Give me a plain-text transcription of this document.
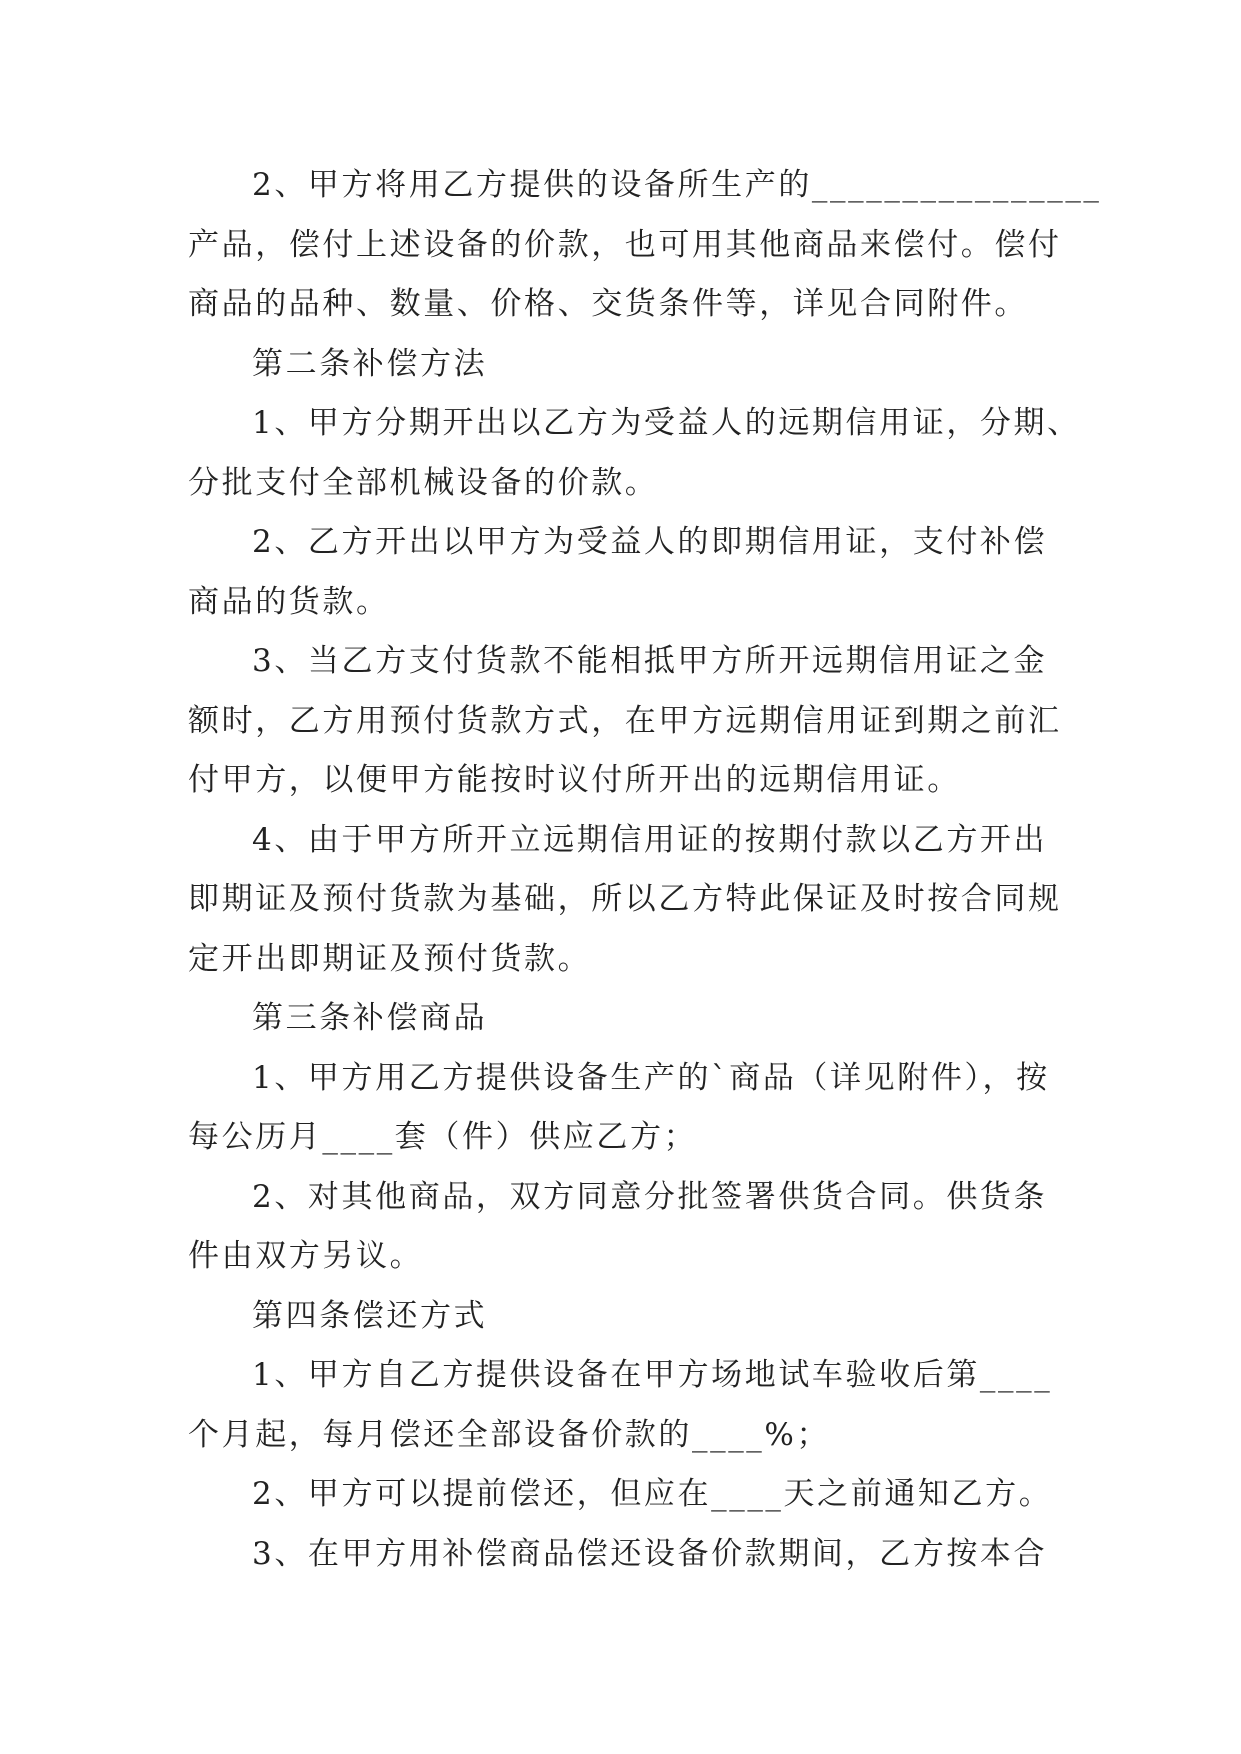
2、甲方将用乙方提供的设备所生产的________________
产品，偿付上述设备的价款，也可用其他商品来偿付。偿付
商品的品种、数量、价格、交货条件等，详见合同附件。
第二条补偿方法
1、甲方分期开出以乙方为受益人的远期信用证，分期、
分批支付全部机械设备的价款。
2、乙方开出以甲方为受益人的即期信用证，支付补偿
商品的货款。
3、当乙方支付货款不能相抵甲方所开远期信用证之金
额时，乙方用预付货款方式，在甲方远期信用证到期之前汇
付甲方，以便甲方能按时议付所开出的远期信用证。
4、由于甲方所开立远期信用证的按期付款以乙方开出
即期证及预付货款为基础，所以乙方特此保证及时按合同规
定开出即期证及预付货款。
第三条补偿商品
1、甲方用乙方提供设备生产的`商品（详见附件），按
每公历月____套（件）供应乙方；
2、对其他商品，双方同意分批签署供货合同。供货条
件由双方另议。
第四条偿还方式
1、甲方自乙方提供设备在甲方场地试车验收后第____
个月起，每月偿还全部设备价款的____%；
2、甲方可以提前偿还，但应在____天之前通知乙方。
3、在甲方用补偿商品偿还设备价款期间，乙方按本合
